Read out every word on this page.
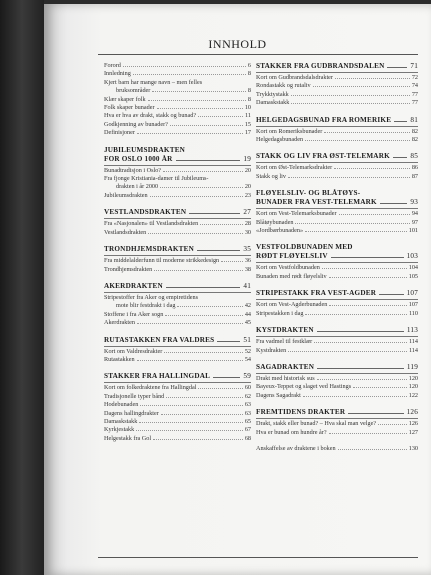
INNHOLD
Forord	6
Innledning	8
Kjert barn har mange navn – men felles
bruksområder	8
Klær skaper folk	8
Folk skaper bunader	10
Hva er hva av drakt, stakk og bunad?	11
Godkjenning av bunader?	15
Definisjoner	17
JUBILEUMSDRAKTEN
FOR OSLO 1000 ÅR	19
Bunadtradisjon i Oslo?	20
Fra fjonge Kristiania-damer til Jubileums-
drakten i år 2000	20
Jubileumsdrakten	23
VESTLANDSDRAKTEN	27
Fra «Nasjonalen» til Vestlandsdrakten	28
Vestlandsdrakten	30
TRONDHJEMSDRAKTEN	35
Fra middelalderfunn til moderne strikkedesign	36
Trondhjemsdrakten	38
AKERDRAKTEN	41
Stripestoffer fra Aker og empiretidens
mote blir festdrakt i dag	42
Stoffene i fra Aker sogn	44
Akerdrakten	45
RUTASTAKKEN FRA VALDRES	51
Kort om Valdresdrakter	52
Rutastakken	54
STAKKER FRA HALLINGDAL	59
Kort om folkedraktene fra Hallingdal	60
Tradisjonelle typer bånd	62
Hodebunaden	63
Dagens hallingdrakter	63
Damaskstakk	65
Kyrkjestakk	67
Helgestakk fra Gol	68
STAKKER FRA GUDBRANDSDALEN	71
Kort om Gudbrandsdalsdrakter	72
Rondastakk og rutaliv	74
Trykktystakk	77
Damaskstakk	77
HELGEDAGSBUNAD FRA ROMERIKE	81
Kort om Romeriksbunader	82
Helgedagsbunaden	82
STAKK OG LIV FRA ØST-TELEMARK	85
Kort om Øst-Telemarksdrakter	86
Stakk og liv	87
FLØYELSLIV- OG BLÅTØYS-
BUNADER FRA VEST-TELEMARK	93
Kort om Vest-Telemarksbunader	94
Blåtøybunaden	97
«Jordbærbunaden»	101
VESTFOLDBUNADEN MED
RØDT FLØYELSLIV	103
Kort om Vestfoldbunaden	104
Bunaden med rødt fløyelsliv	105
STRIPESTAKK FRA VEST-AGDER	107
Kort om Vest-Agderbunaden	107
Stripestakken i dag	110
KYSTDRAKTEN	113
Fra vadmel til festklær	114
Kystdrakten	114
SAGADRAKTEN	119
Drakt med historisk sus	120
Bayeux-Teppet og slaget ved Hastings	120
Dagens Sagadrakt	122
FREMTIDENS DRAKTER	126
Drakt, stakk eller bunad? – Hva skal man velge?	126
Hva er bunad om hundre år?	127
Anskaffelse av draktene i boken	130
